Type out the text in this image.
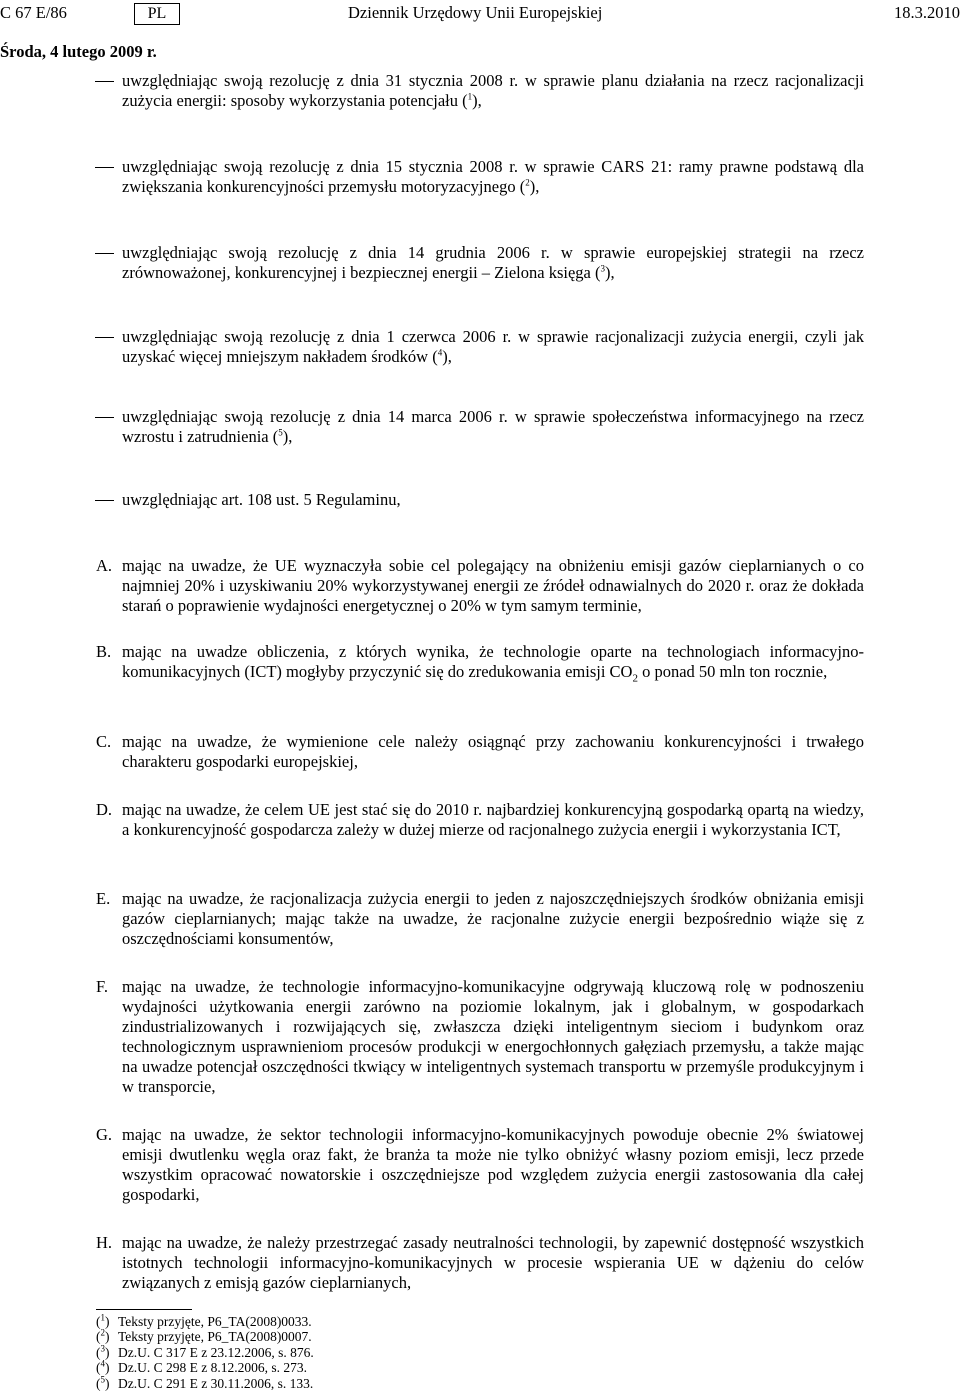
C 67 E/86	PL	Dziennik Urzędowy Unii Europejskiej	18.3.2010
Środa, 4 lutego 2009 r.
uwzględniając swoją rezolucję z dnia 31 stycznia 2008 r. w sprawie planu działania na rzecz racjonalizacji zużycia energii: sposoby wykorzystania potencjału ($^1$),
uwzględniając swoją rezolucję z dnia 15 stycznia 2008 r. w sprawie CARS 21: ramy prawne podstawą dla zwiększania konkurencyjności przemysłu motoryzacyjnego ($^2$),
uwzględniając swoją rezolucję z dnia 14 grudnia 2006 r. w sprawie europejskiej strategii na rzecz zrównoważonej, konkurencyjnej i bezpiecznej energii – Zielona księga ($^3$),
uwzględniając swoją rezolucję z dnia 1 czerwca 2006 r. w sprawie racjonalizacji zużycia energii, czyli jak uzyskać więcej mniejszym nakładem środków ($^4$),
uwzględniając swoją rezolucję z dnia 14 marca 2006 r. w sprawie społeczeństwa informacyjnego na rzecz wzrostu i zatrudnienia ($^5$),
uwzględniając art. 108 ust. 5 Regulaminu,
A. mając na uwadze, że UE wyznaczyła sobie cel polegający na obniżeniu emisji gazów cieplarnianych o co najmniej 20% i uzyskiwaniu 20% wykorzystywanej energii ze źródeł odnawialnych do 2020 r. oraz że dokłada starań o poprawienie wydajności energetycznej o 20% w tym samym terminie,
B. mając na uwadze obliczenia, z których wynika, że technologie oparte na technologiach informacyjno-komunikacyjnych (ICT) mogłyby przyczynić się do zredukowania emisji $CO_2$ o ponad 50 mln ton rocznie,
C. mając na uwadze, że wymienione cele należy osiągnąć przy zachowaniu konkurencyjności i trwałego charakteru gospodarki europejskiej,
D. mając na uwadze, że celem UE jest stać się do 2010 r. najbardziej konkurencyjną gospodarką opartą na wiedzy, a konkurencyjność gospodarcza zależy w dużej mierze od racjonalnego zużycia energii i wykorzystania ICT,
E. mając na uwadze, że racjonalizacja zużycia energii to jeden z najoszczędniejszych środków obniżania emisji gazów cieplarnianych; mając także na uwadze, że racjonalne zużycie energii bezpośrednio wiąże się z oszczędnościami konsumentów,
F. mając na uwadze, że technologie informacyjno-komunikacyjne odgrywają kluczową rolę w podnoszeniu wydajności użytkowania energii zarówno na poziomie lokalnym, jak i globalnym, w gospodarkach zindustrializowanych i rozwijających się, zwłaszcza dzięki inteligentnym sieciom i budynkom oraz technologicznym usprawnieniom procesów produkcji w energochłonnych gałęziach przemysłu, a także mając na uwadze potencjał oszczędności tkwiący w inteligentnych systemach transportu w przemyśle produkcyjnym i w transporcie,
G. mając na uwadze, że sektor technologii informacyjno-komunikacyjnych powoduje obecnie 2% światowej emisji dwutlenku węgla oraz fakt, że branża ta może nie tylko obniżyć własny poziom emisji, lecz przede wszystkim opracować nowatorskie i oszczędniejsze pod względem zużycia energii zastosowania dla całej gospodarki,
H. mając na uwadze, że należy przestrzegać zasady neutralności technologii, by zapewnić dostępność wszystkich istotnych technologii informacyjno-komunikacyjnych w procesie wspierania UE w dążeniu do celów związanych z emisją gazów cieplarnianych,
($^1$) Teksty przyjęte, P6_TA(2008)0033.
($^2$) Teksty przyjęte, P6_TA(2008)0007.
($^3$) Dz.U. C 317 E z 23.12.2006, s. 876.
($^4$) Dz.U. C 298 E z 8.12.2006, s. 273.
($^5$) Dz.U. C 291 E z 30.11.2006, s. 133.
